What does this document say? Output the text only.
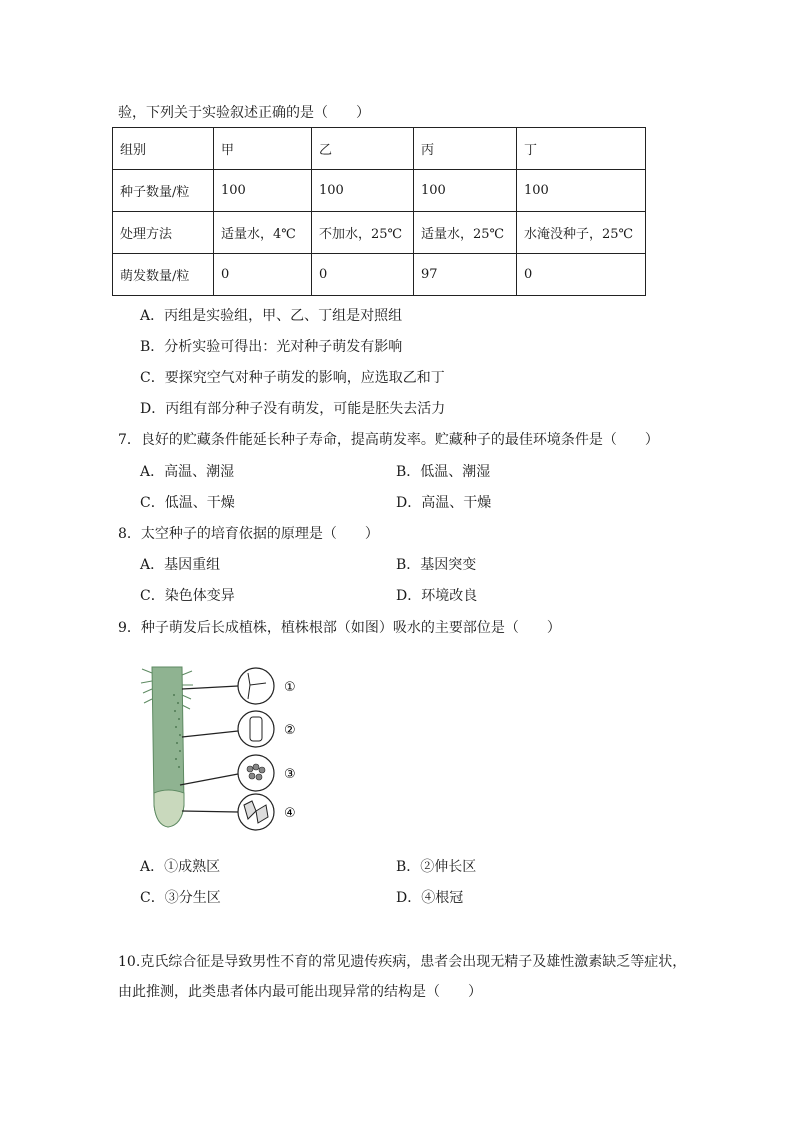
验，下列关于实验叙述正确的是（　　）
组别	甲	乙	丙	丁
种子数量/粒	100	100	100	100
处理方法	适量水，4℃	不加水，25℃	适量水，25℃	水淹没种子，25℃
萌发数量/粒	0	0	97	0
A．丙组是实验组，甲、乙、丁组是对照组
B．分析实验可得出：光对种子萌发有影响
C．要探究空气对种子萌发的影响，应选取乙和丁
D．丙组有部分种子没有萌发，可能是胚失去活力
7．良好的贮藏条件能延长种子寿命，提高萌发率。贮藏种子的最佳环境条件是（　　）
A．高温、潮湿	B．低温、潮湿
C．低温、干燥	D．高温、干燥
8．太空种子的培育依据的原理是（　　）
A．基因重组	B．基因突变
C．染色体变异	D．环境改良
9．种子萌发后长成植株，植株根部（如图）吸水的主要部位是（　　）
①
②
③
④
A．①成熟区	B．②伸长区
C．③分生区	D．④根冠
10.克氏综合征是导致男性不育的常见遗传疾病，患者会出现无精子及雄性激素缺乏等症状，
由此推测，此类患者体内最可能出现异常的结构是（　　）
